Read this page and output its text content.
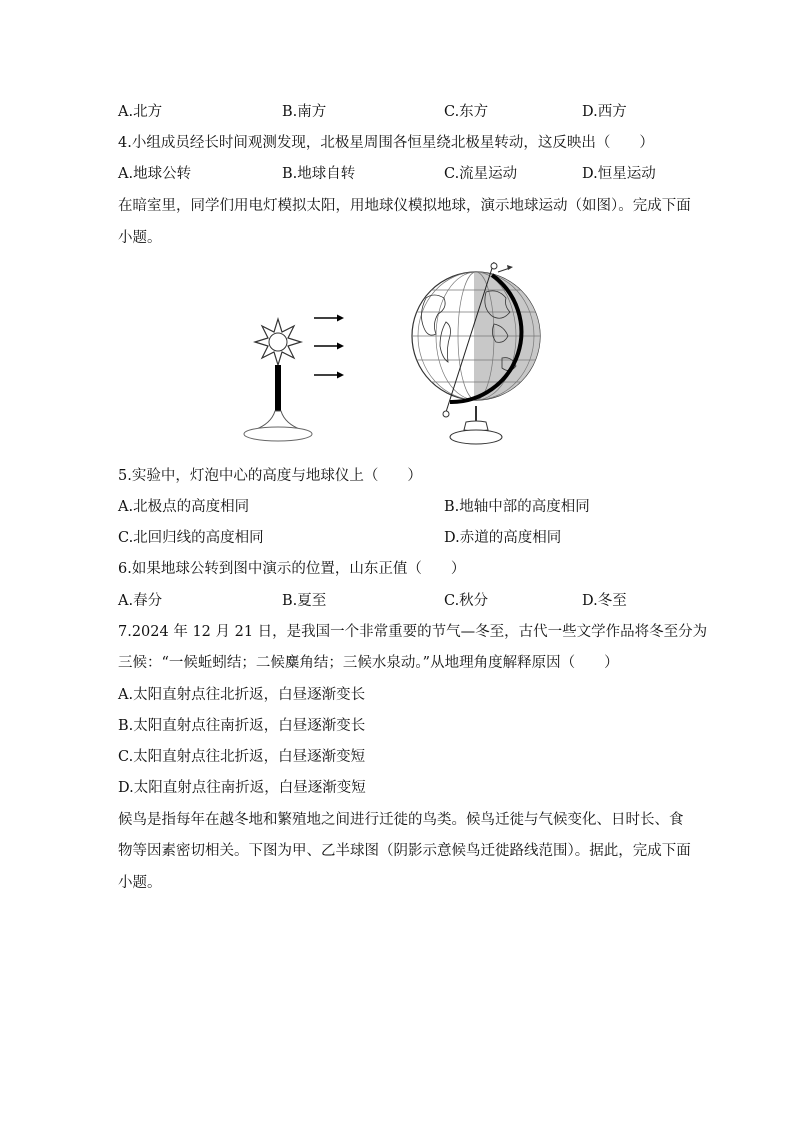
A.北方	B.南方	C.东方	D.西方
4.小组成员经长时间观测发现，北极星周围各恒星绕北极星转动，这反映出（　　）
A.地球公转	B.地球自转	C.流星运动	D.恒星运动
在暗室里，同学们用电灯模拟太阳，用地球仪模拟地球，演示地球运动（如图）。完成下面
小题。
5.实验中，灯泡中心的高度与地球仪上（　　）
A.北极点的高度相同	B.地轴中部的高度相同
C.北回归线的高度相同	D.赤道的高度相同
6.如果地球公转到图中演示的位置，山东正值（　　）
A.春分	B.夏至	C.秋分	D.冬至
7.2024 年 12 月 21 日，是我国一个非常重要的节气—冬至，古代一些文学作品将冬至分为
三候：“一候蚯蚓结；二候麋角结；三候水泉动。”从地理角度解释原因（　　）
A.太阳直射点往北折返，白昼逐渐变长
B.太阳直射点往南折返，白昼逐渐变长
C.太阳直射点往北折返，白昼逐渐变短
D.太阳直射点往南折返，白昼逐渐变短
候鸟是指每年在越冬地和繁殖地之间进行迁徙的鸟类。候鸟迁徙与气候变化、日时长、食
物等因素密切相关。下图为甲、乙半球图（阴影示意候鸟迁徙路线范围）。据此，完成下面
小题。
